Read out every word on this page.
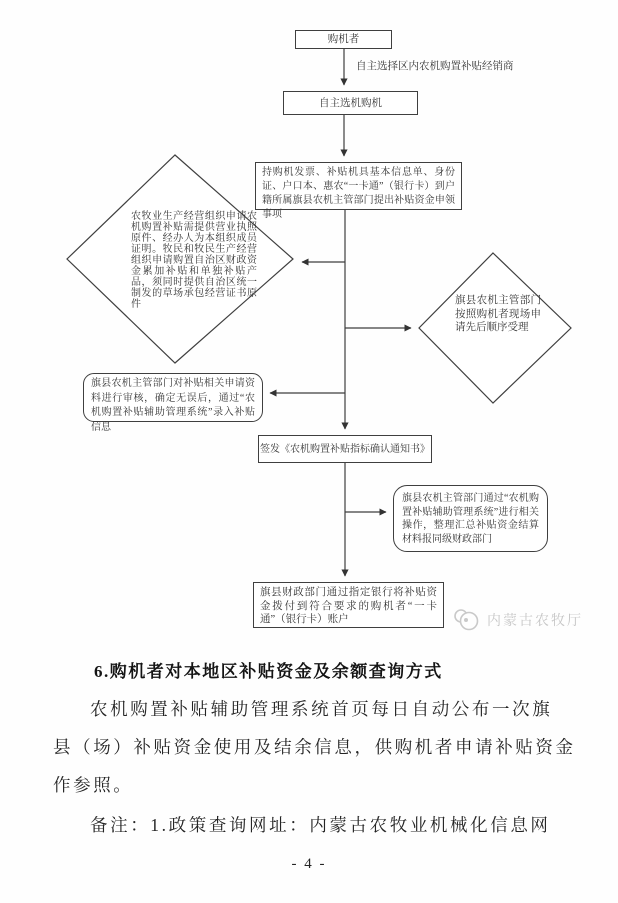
购机者
自主选择区内农机购置补贴经销商
自主选机购机
持购机发票、补贴机具基本信息单、身份证、户口本、惠农“一卡通”（银行卡）到户籍所属旗县农机主管部门提出补贴资金申领事项
农牧业生产经营组织申请农机购置补贴需提供营业执照原件、经办人为本组织成员证明。牧民和牧民生产经营组织申请购置自治区财政资金累加补贴和单独补贴产品，须同时提供自治区统一制发的草场承包经营证书原件	旗县农机主管部门按照购机者现场申请先后顺序受理
旗县农机主管部门对补贴相关申请资料进行审核，确定无误后，通过“农机购置补贴辅助管理系统”录入补贴信息
签发《农机购置补贴指标确认通知书》
旗县农机主管部门通过“农机购置补贴辅助管理系统”进行相关操作，整理汇总补贴资金结算材料报同级财政部门
旗县财政部门通过指定银行将补贴资金拨付到符合要求的购机者“一卡通”（银行卡）账户	内蒙古农牧厅
6.购机者对本地区补贴资金及余额查询方式
农机购置补贴辅助管理系统首页每日自动公布一次旗
县（场）补贴资金使用及结余信息，供购机者申请补贴资金
作参照。
备注：1.政策查询网址：内蒙古农牧业机械化信息网
- 4 -
